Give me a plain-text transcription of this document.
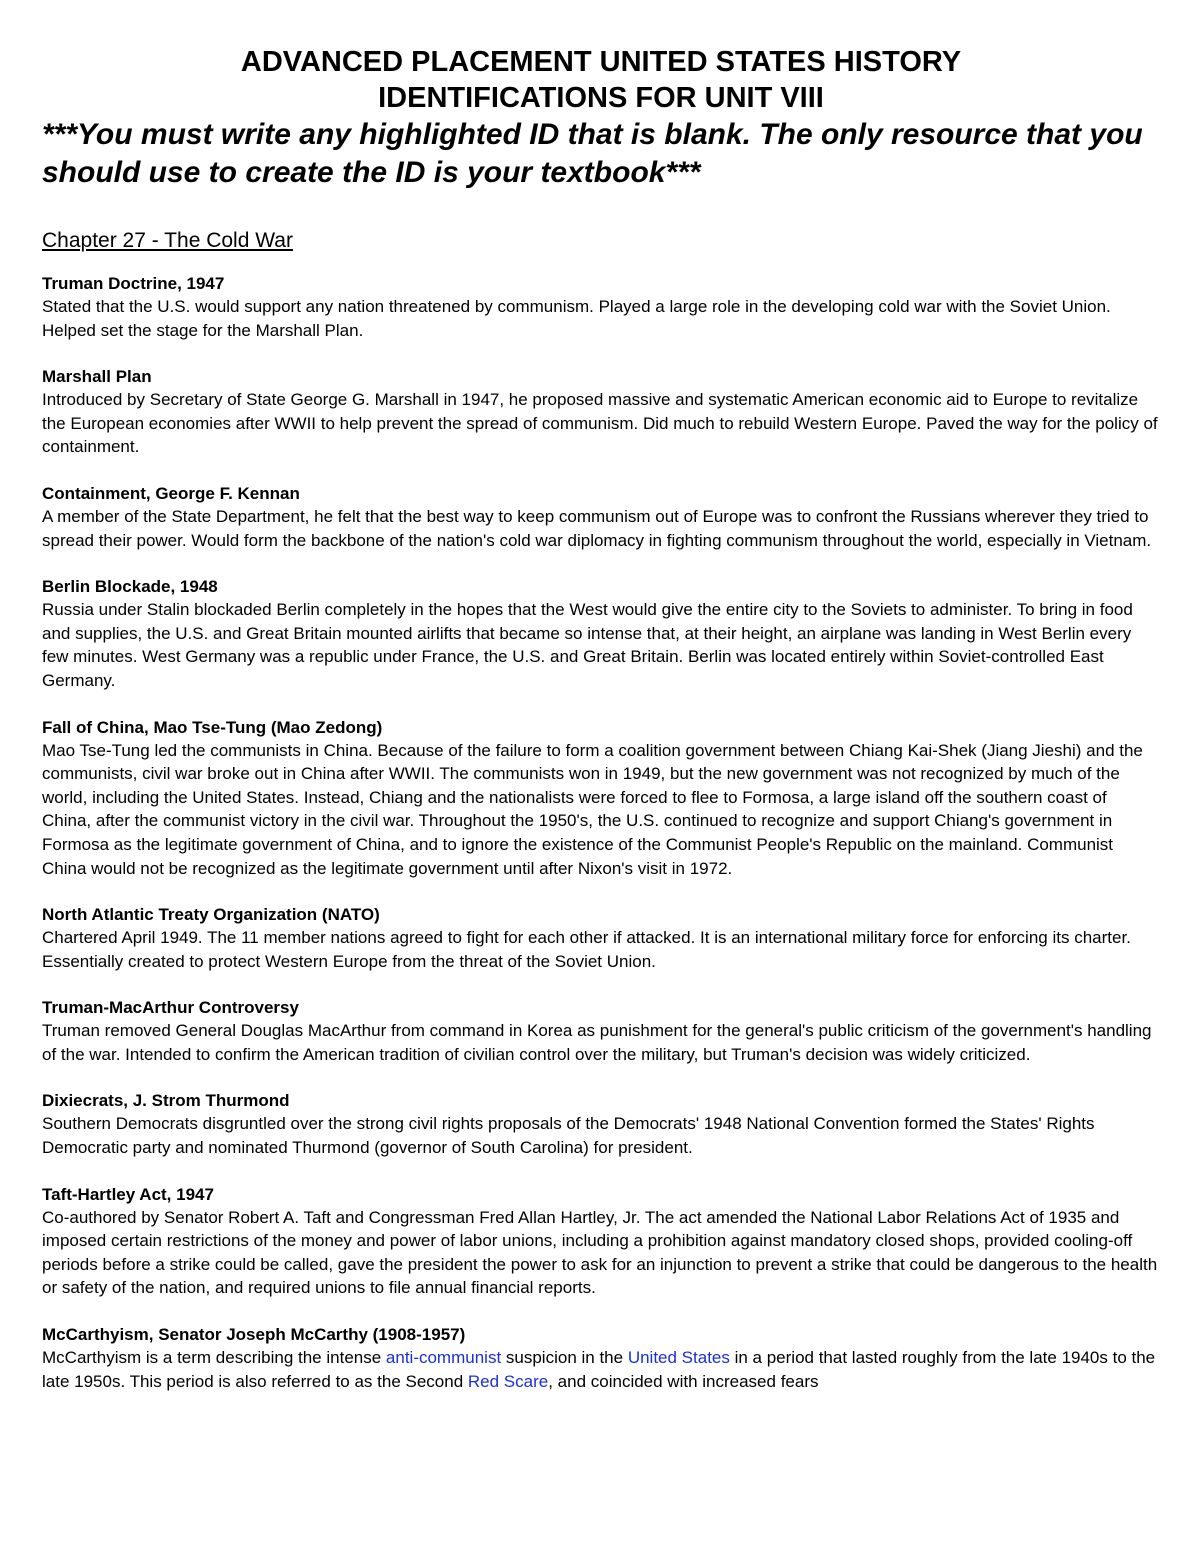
ADVANCED PLACEMENT UNITED STATES HISTORY
IDENTIFICATIONS FOR UNIT VIII
***You must write any highlighted ID that is blank. The only resource that you should use to create the ID is your textbook***
Chapter 27 - The Cold War
Truman Doctrine, 1947

Stated that the U.S. would support any nation threatened by communism. Played a large role in the developing cold war with the Soviet Union. Helped set the stage for the Marshall Plan.

Marshall Plan

Introduced by Secretary of State George G. Marshall in 1947, he proposed massive and systematic American economic aid to Europe to revitalize the European economies after WWII to help prevent the spread of communism. Did much to rebuild Western Europe. Paved the way for the policy of containment.

Containment, George F. Kennan

A member of the State Department, he felt that the best way to keep communism out of Europe was to confront the Russians wherever they tried to spread their power. Would form the backbone of the nation's cold war diplomacy in fighting communism throughout the world, especially in Vietnam.

Berlin Blockade, 1948

Russia under Stalin blockaded Berlin completely in the hopes that the West would give the entire city to the Soviets to administer. To bring in food and supplies, the U.S. and Great Britain mounted airlifts that became so intense that, at their height, an airplane was landing in West Berlin every few minutes. West Germany was a republic under France, the U.S. and Great Britain. Berlin was located entirely within Soviet-controlled East Germany.

Fall of China, Mao Tse-Tung (Mao Zedong)

Mao Tse-Tung led the communists in China. Because of the failure to form a coalition government between Chiang Kai-Shek (Jiang Jieshi) and the communists, civil war broke out in China after WWII. The communists won in 1949, but the new government was not recognized by much of the world, including the United States. Instead, Chiang and the nationalists were forced to flee to Formosa, a large island off the southern coast of China, after the communist victory in the civil war. Throughout the 1950's, the U.S. continued to recognize and support Chiang's government in Formosa as the legitimate government of China, and to ignore the existence of the Communist People's Republic on the mainland. Communist China would not be recognized as the legitimate government until after Nixon's visit in 1972.

North Atlantic Treaty Organization (NATO)

Chartered April 1949. The 11 member nations agreed to fight for each other if attacked. It is an international military force for enforcing its charter. Essentially created to protect Western Europe from the threat of the Soviet Union.

Truman-MacArthur Controversy

Truman removed General Douglas MacArthur from command in Korea as punishment for the general's public criticism of the government's handling of the war. Intended to confirm the American tradition of civilian control over the military, but Truman's decision was widely criticized.

Dixiecrats, J. Strom Thurmond

Southern Democrats disgruntled over the strong civil rights proposals of the Democrats' 1948 National Convention formed the States' Rights Democratic party and nominated Thurmond (governor of South Carolina) for president.

Taft-Hartley Act, 1947

Co-authored by Senator Robert A. Taft and Congressman Fred Allan Hartley, Jr. The act amended the National Labor Relations Act of 1935 and imposed certain restrictions of the money and power of labor unions, including a prohibition against mandatory closed shops, provided cooling-off periods before a strike could be called, gave the president the power to ask for an injunction to prevent a strike that could be dangerous to the health or safety of the nation, and required unions to file annual financial reports.

McCarthyism, Senator Joseph McCarthy (1908-1957)

McCarthyism is a term describing the intense anti-communist suspicion in the United States in a period that lasted roughly from the late 1940s to the late 1950s. This period is also referred to as the Second Red Scare, and coincided with increased fears
